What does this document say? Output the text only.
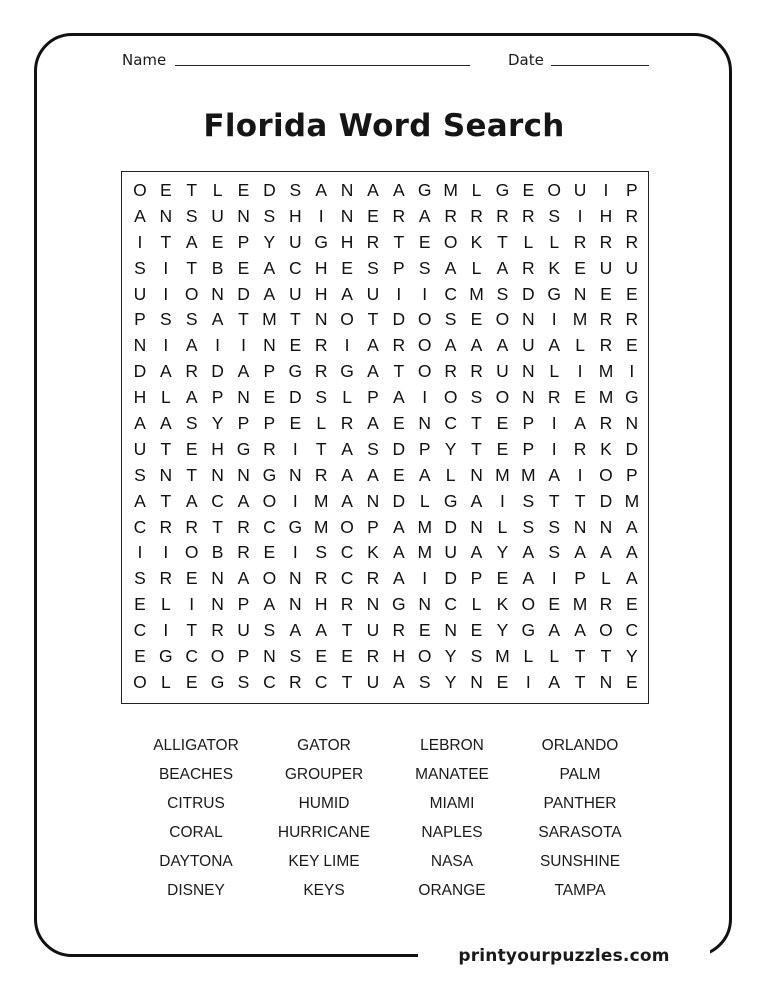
printyourpuzzles.com
Name	Date
Florida Word Search
O E T L E D S A N A A G M L G E O U I	P
A N S U N S H I N E R A R R R R S	I H R
I	T A E P Y U G H R T E O K T L L R R R
S	I	T B E A C H E S P S A L A R K E U U
U I O N D A U H A U I	I C M S D G N E E
P S S A T M T N O T D O S E O N I M R R
N I	A	I	I N E R I	A R O A A A U A L R E
D A R D A P G R G A T O R R U N L	I M I
H L A P N E D S L P A	I O S O N R E M G
A A S Y P P E L R A E N C T E P	I	A R N
U T E H G R I	T A S D P Y T E P	I R K D
S N T N N G N R A A E A L N M M A	I O P
A T A C A O I M A N D L G A	I	S T T D M
C R R T R C G M O P A M D N L S S N N A
I	I O B R E	I	S C K A M U A Y A S A A A
S R E N A O N R C R A	I D P E A	I	P L A
E L	I N P A N H R N G N C L K O E M R E
C I	T R U S A A T U R E N E Y G A A O C
E G C O P N S E E R H O Y S M L L T T Y
O L E G S C R C T U A S Y N E	I	A T N E
ALLIGATOR	GATOR	LEBRON	ORLANDO
BEACHES	GROUPER	MANATEE	PALM
CITRUS	HUMID	MIAMI	PANTHER
CORAL	HURRICANE	NAPLES	SARASOTA
DAYTONA	KEY LIME	NASA	SUNSHINE
DISNEY	KEYS	ORANGE	TAMPA
